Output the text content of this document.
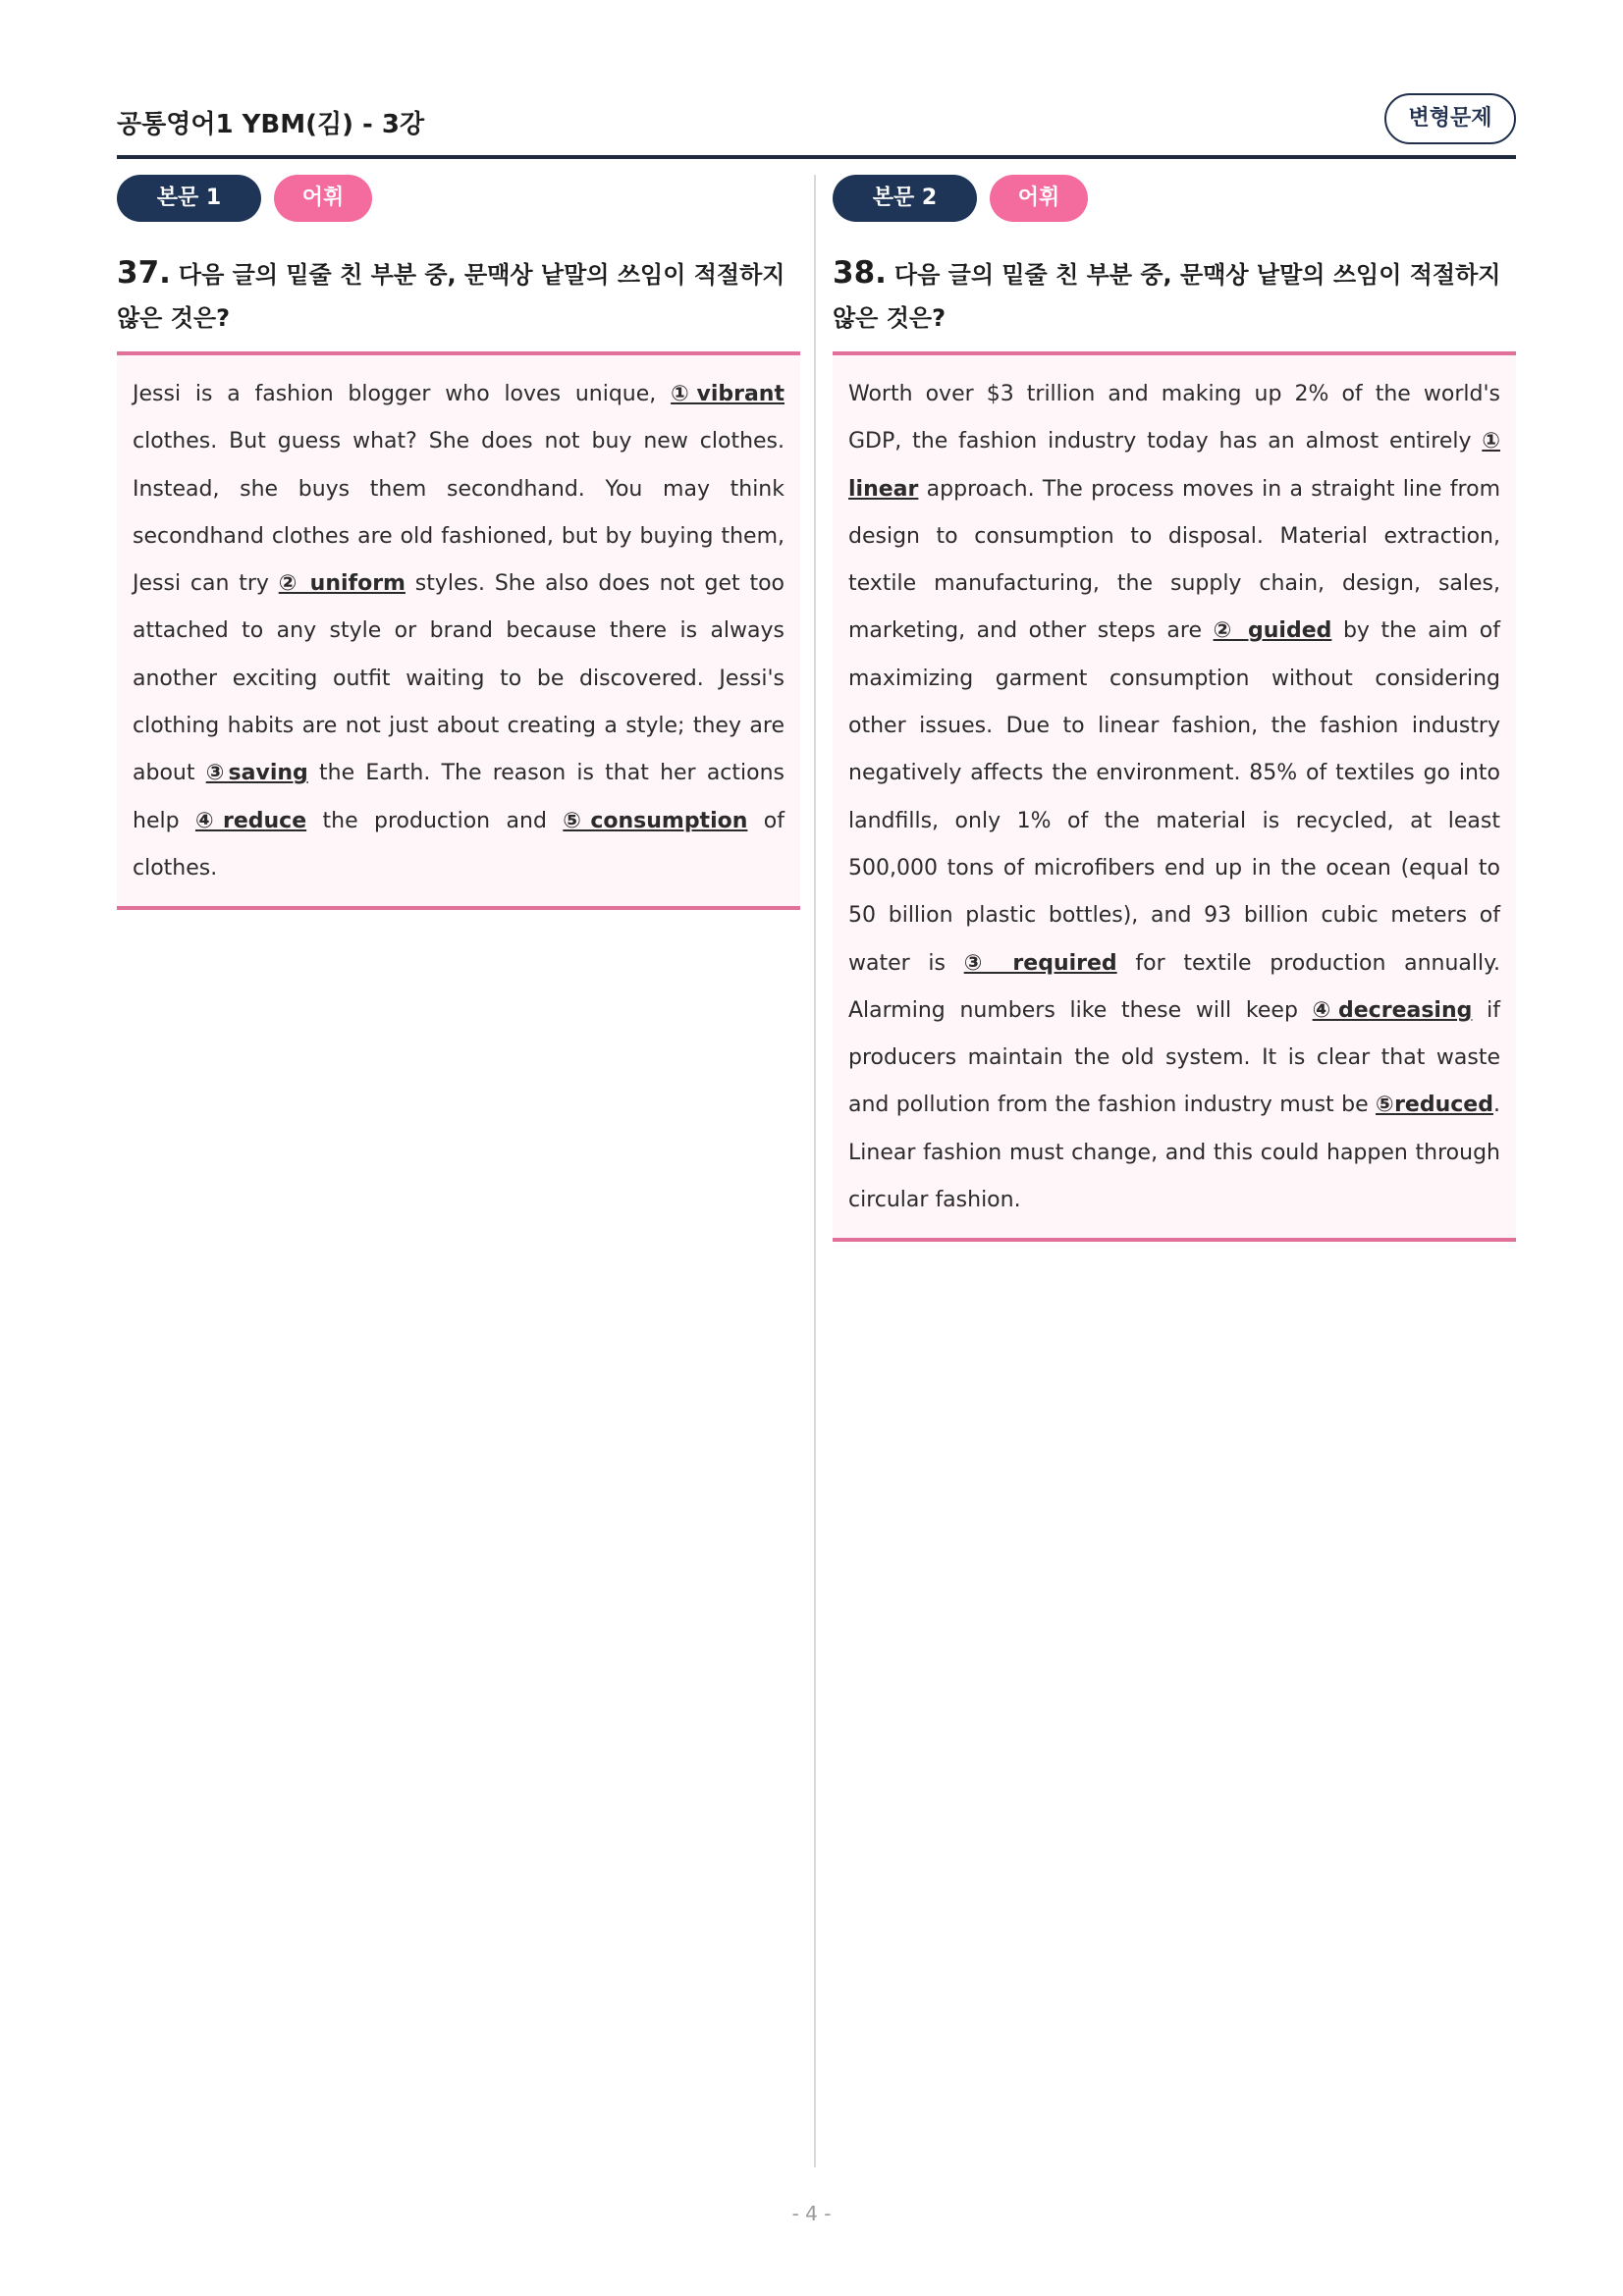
공통영어1 YBM(김) - 3강	변형문제
본문 1	어휘
37. 다음 글의 밑줄 친 부분 중, 문맥상 낱말의 쓰임이 적절하지 않은 것은?
Jessi is a fashion blogger who loves unique, ①vibrant clothes. But guess what? She does not buy new clothes. Instead, she buys them secondhand. You may think secondhand clothes are old fashioned, but by buying them, Jessi can try ② uniform styles. She also does not get too attached to any style or brand because there is always another exciting outfit waiting to be discovered. Jessi's clothing habits are not just about creating a style; they are about ③saving the Earth. The reason is that her actions help ④reduce the production and ⑤consumption of clothes.
본문 2	어휘
38. 다음 글의 밑줄 친 부분 중, 문맥상 낱말의 쓰임이 적절하지 않은 것은?
Worth over $3 trillion and making up 2% of the world's GDP, the fashion industry today has an almost entirely ① linear approach. The process moves in a straight line from design to consumption to disposal. Material extraction, textile manufacturing, the supply chain, design, sales, marketing, and other steps are ② guided by the aim of maximizing garment consumption without considering other issues. Due to linear fashion, the fashion industry negatively affects the environment. 85% of textiles go into landfills, only 1% of the material is recycled, at least 500,000 tons of microfibers end up in the ocean (equal to 50 billion plastic bottles), and 93 billion cubic meters of water is ③ required for textile production annually. Alarming numbers like these will keep ④decreasing if producers maintain the old system. It is clear that waste and pollution from the fashion industry must be ⑤reduced. Linear fashion must change, and this could happen through circular fashion.
- 4 -
